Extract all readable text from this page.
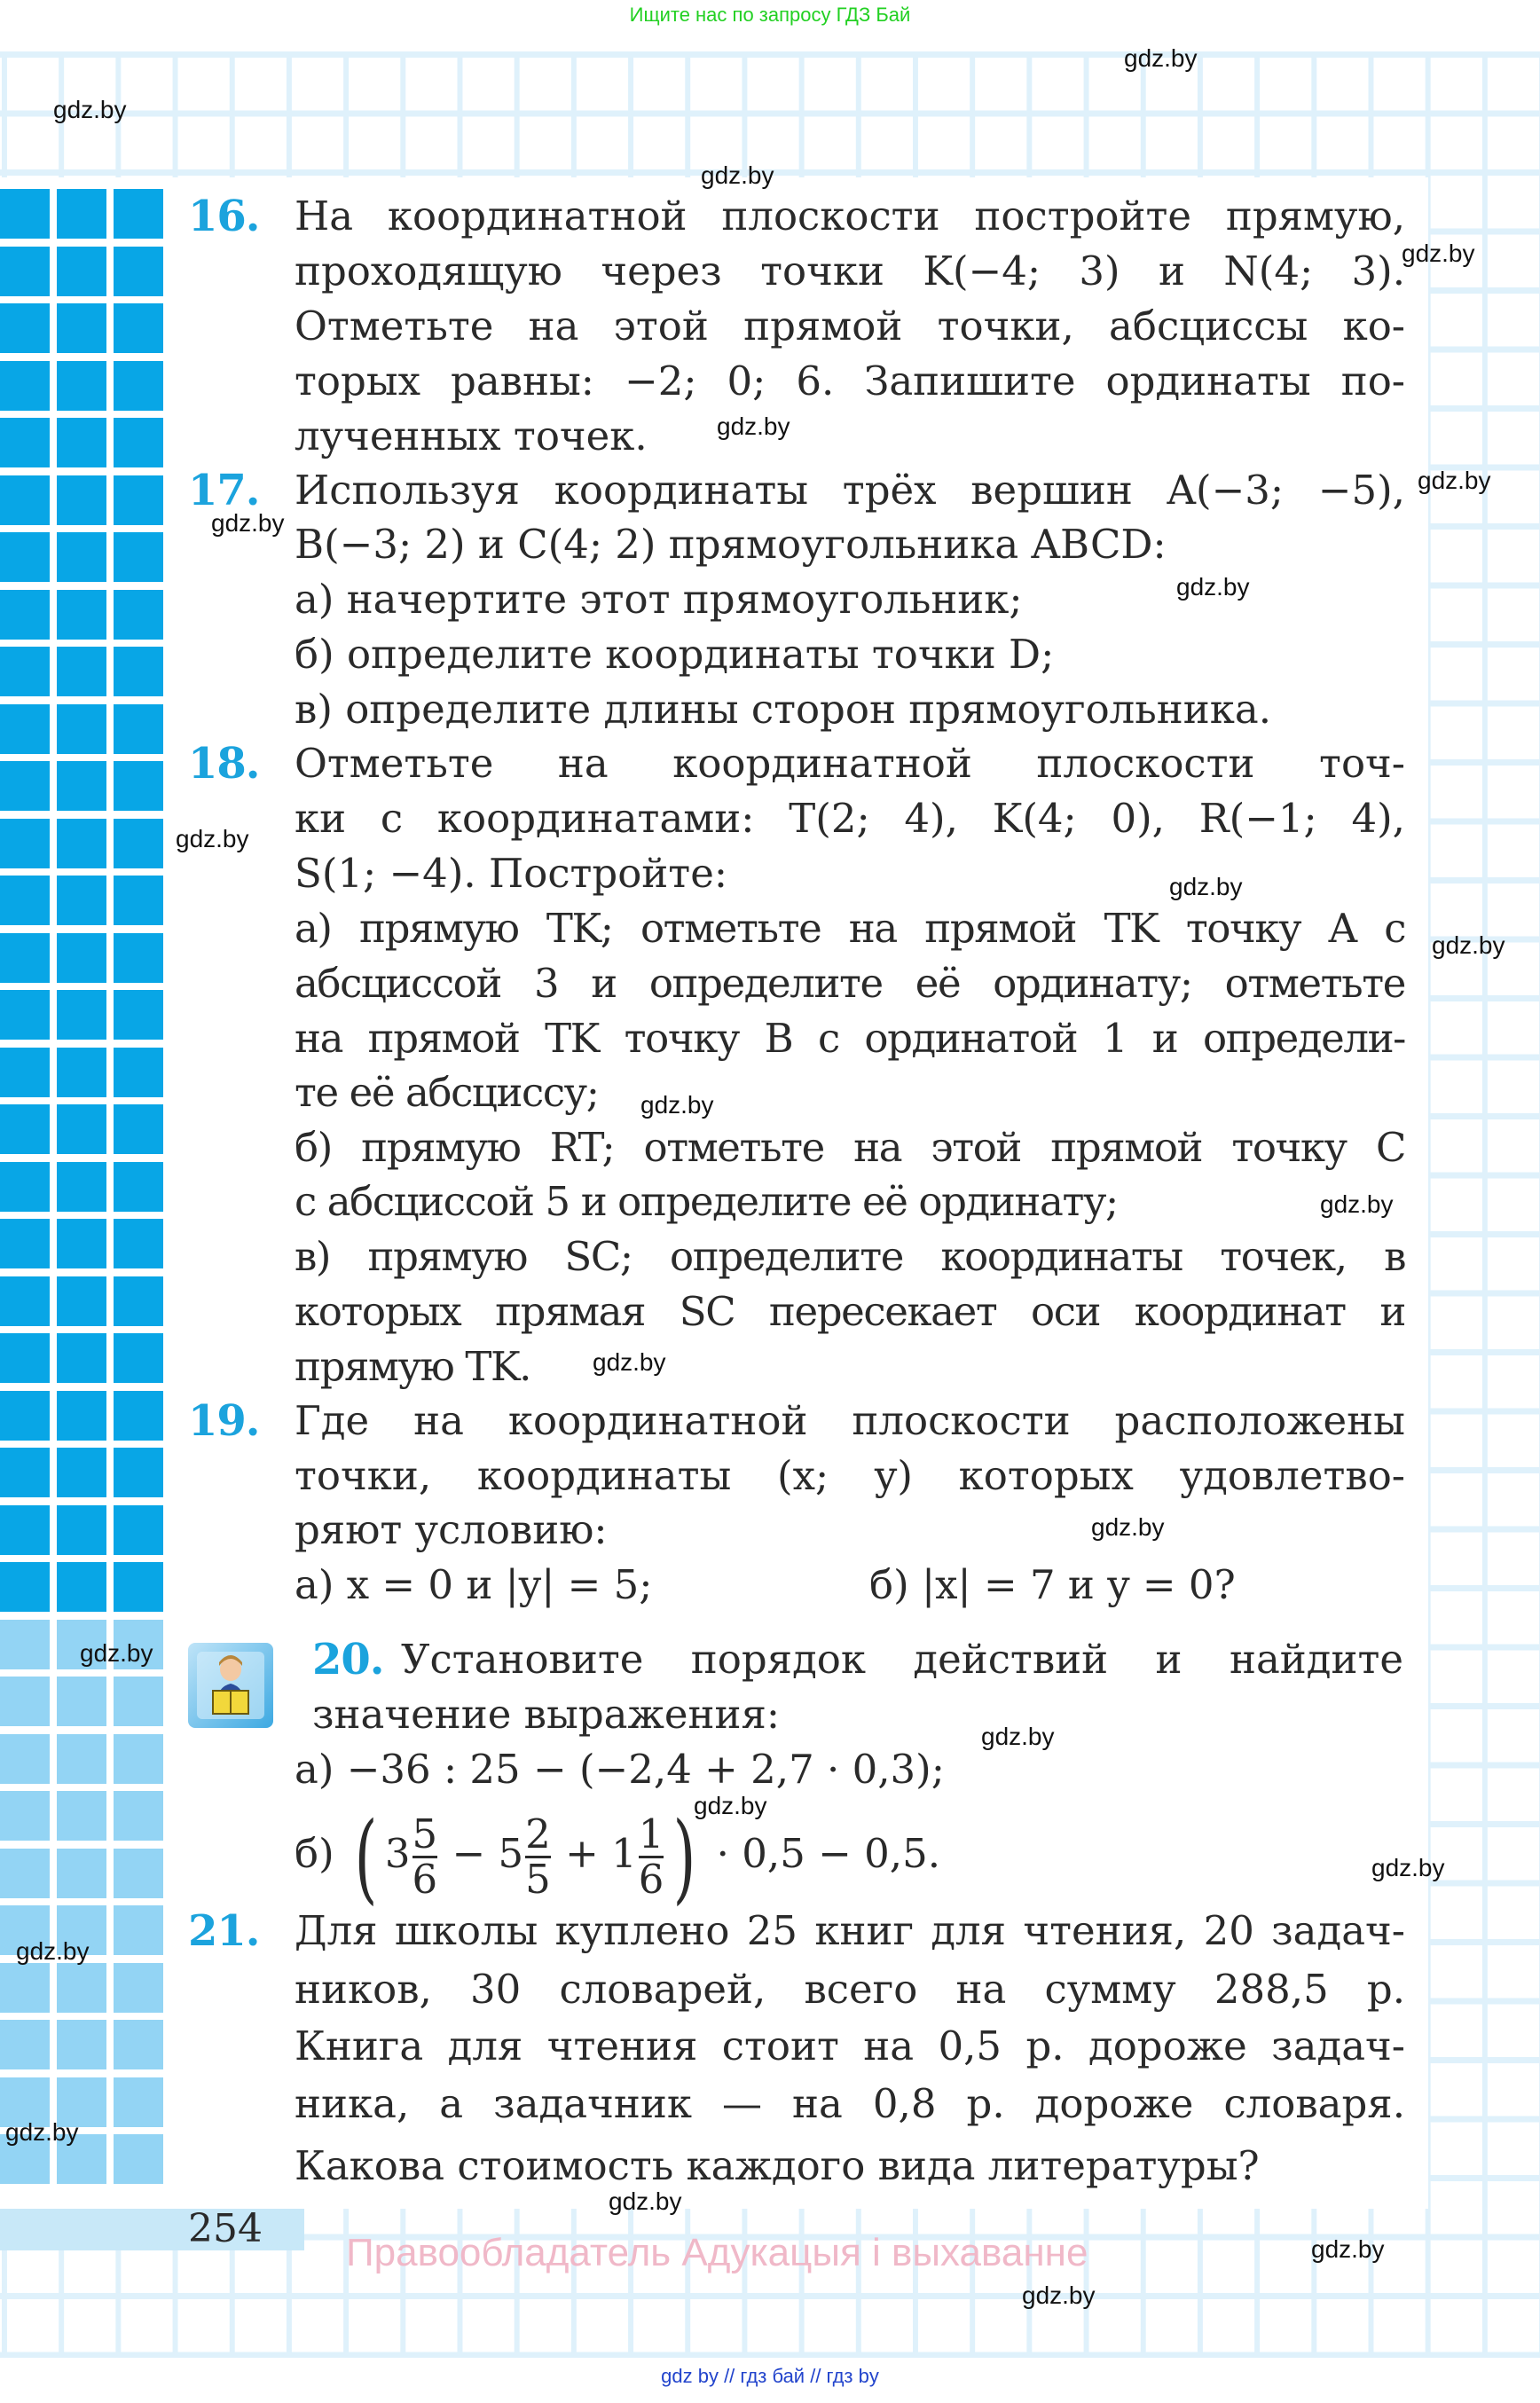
Ищите нас по запросу ГДЗ Бай
16. На координатной плоскости постройте прямую,
проходящую через точки K(−4; 3) и N(4; 3).
Отметьте на этой прямой точки, абсциссы ко-
торых равны: −2; 0; 6. Запишите ординаты по-
лученных точек.
17. Используя координаты трёх вершин A(−3; −5),
B(−3; 2) и C(4; 2) прямоугольника ABCD:
а) начертите этот прямоугольник;
б) определите координаты точки D;
в) определите длины сторон прямоугольника.
18. Отметьте на координатной плоскости точ-
ки с координатами: T(2; 4), K(4; 0), R(−1; 4),
S(1; −4). Постройте:
а) прямую TK; отметьте на прямой TK точку A с
абсциссой 3 и определите её ординату; отметьте
на прямой TK точку B с ординатой 1 и определи-
те её абсциссу;
б) прямую RT; отметьте на этой прямой точку C
с абсциссой 5 и определите её ординату;
в) прямую SC; определите координаты точек, в
которых прямая SC пересекает оси координат и
прямую TK.
19. Где на координатной плоскости расположены
точки, координаты (x; y) которых удовлетво-
ряют условию:
а) x = 0 и |y| = 5;	б) |x| = 7 и y = 0?
20. Установите порядок действий и найдите
значение выражения:
а) −36 : 25 − (−2,4 + 2,7 · 0,3);
б) ( $3 \frac{5}{6} - 5 \frac{2}{5} + 1 \frac{1}{6}$ ) · 0,5 − 0,5.
21. Для школы куплено 25 книг для чтения, 20 задач-
ников, 30 словарей, всего на сумму 288,5 р.
Книга для чтения стоит на 0,5 р. дороже задач-
ника, а задачник — на 0,8 р. дороже словаря.
Какова стоимость каждого вида литературы?
254
Правообладатель Адукацыя і выхаванне
gdz.by
gdz.by
gdz.by
gdz.by
gdz.by
gdz.by
gdz.by
gdz.by
gdz.by
gdz.by
gdz.by
gdz.by
gdz.by
gdz.by
gdz.by
gdz.by
gdz.by
gdz.by
gdz.by
gdz.by
gdz.by
gdz.by
gdz.by
gdz.by
gdz by // гдз бай // гдз by
